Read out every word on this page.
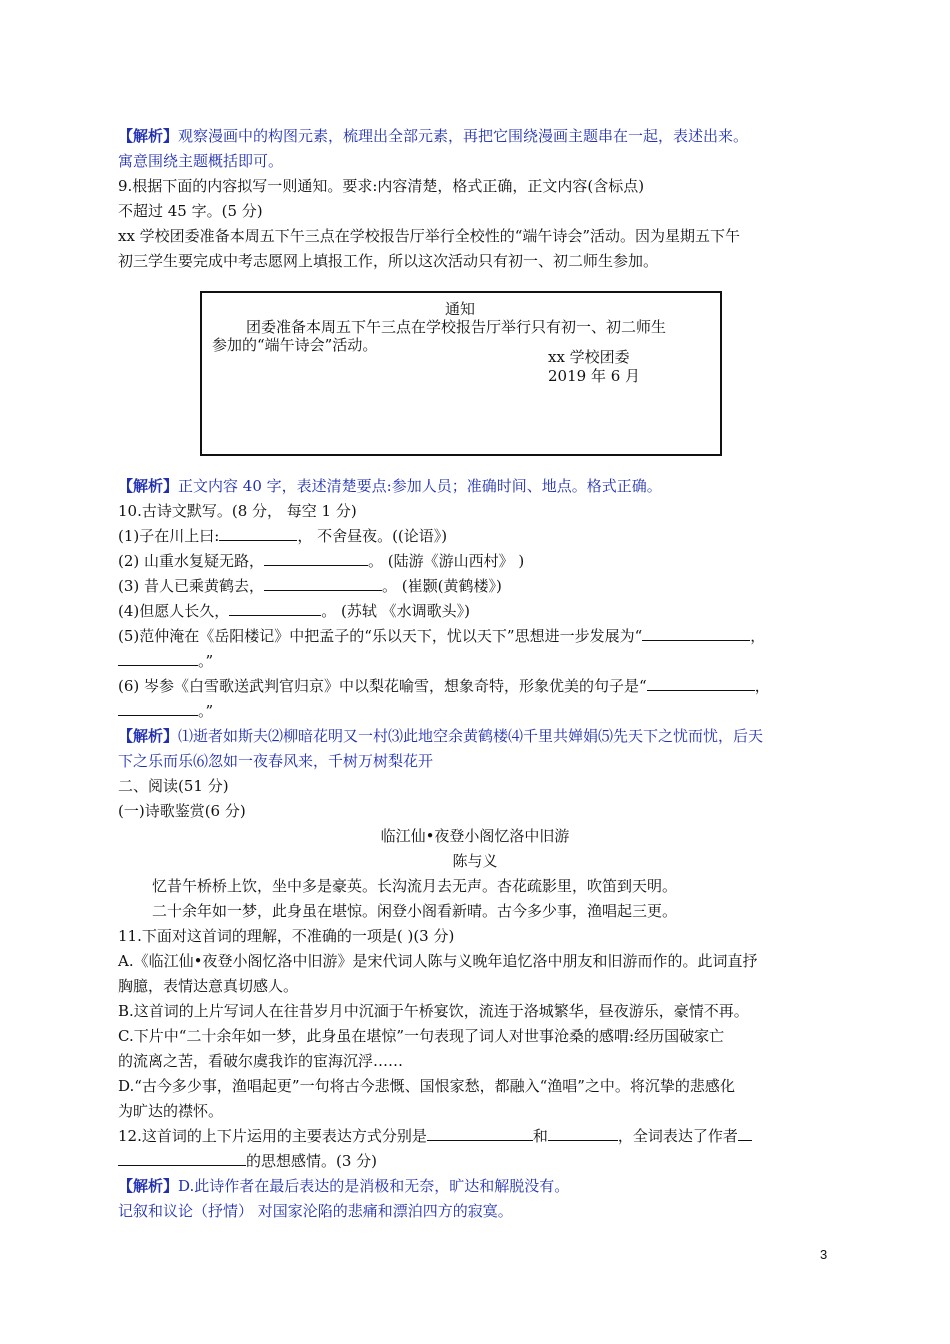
【解析】观察漫画中的构图元素，梳理出全部元素，再把它围绕漫画主题串在一起，表述出来。
寓意围绕主题概括即可。
9.根据下面的内容拟写一则通知。要求:内容清楚，格式正确，正文内容(含标点)
不超过 45 字。(5 分)
xx 学校团委准备本周五下午三点在学校报告厅举行全校性的“端午诗会”活动。因为星期五下午
初三学生要完成中考志愿网上填报工作，所以这次活动只有初一、初二师生参加。
通知
团委准备本周五下午三点在学校报告厅举行只有初一、初二师生
参加的“端午诗会”活动。
xx 学校团委
2019 年 6 月
【解析】正文内容 40 字，表述清楚要点:参加人员；准确时间、地点。格式正确。
10.古诗文默写。(8 分， 每空 1 分)
(1)子在川上曰:	， 不舍昼夜。((论语》)
(2) 山重水复疑无路，	。 (陆游《游山西村》 )
(3) 昔人已乘黄鹤去，	。 (崔颢(黄鹤楼》)
(4)但愿人长久，	。 (苏轼 《水调歌头》)
(5)范仲淹在《岳阳楼记》中把孟子的“乐以天下，忧以天下”思想进一步发展为“	，
。”
(6) 岑参《白雪歌送武判官归京》中以梨花喻雪，想象奇特，形象优美的句子是“	，
。”
【解析】⑴逝者如斯夫⑵柳暗花明又一村⑶此地空余黄鹤楼⑷千里共婵娟⑸先天下之忧而忧，后天
下之乐而乐⑹忽如一夜春风来，千树万树梨花开
二、阅读(51 分)
(一)诗歌鉴赏(6 分)
临江仙•夜登小阁忆洛中旧游
陈与义
忆昔午桥桥上饮，坐中多是豪英。长沟流月去无声。杏花疏影里，吹笛到天明。
二十余年如一梦，此身虽在堪惊。闲登小阁看新晴。古今多少事，渔唱起三更。
11.下面对这首词的理解，不准确的一项是( )(3 分)
A.《临江仙•夜登小阁忆洛中旧游》是宋代词人陈与义晚年追忆洛中朋友和旧游而作的。此词直抒
胸臆，表情达意真切感人。
B.这首词的上片写词人在往昔岁月中沉湎于午桥宴饮，流连于洛城繁华，昼夜游乐，豪情不再。
C.下片中“二十余年如一梦，此身虽在堪惊”一句表现了词人对世事沧桑的感喟:经历国破家亡
的流离之苦，看破尔虞我诈的宦海沉浮……
D.“古今多少事，渔唱起更”一句将古今悲慨、国恨家愁，都融入“渔唱”之中。将沉挚的悲感化
为旷达的襟怀。
12.这首词的上下片运用的主要表达方式分别是	和	，全词表达了作者
的思想感情。(3 分)
【解析】D.此诗作者在最后表达的是消极和无奈，旷达和解脱没有。
记叙和议论（抒情） 对国家沦陷的悲痛和漂泊四方的寂寞。
3
